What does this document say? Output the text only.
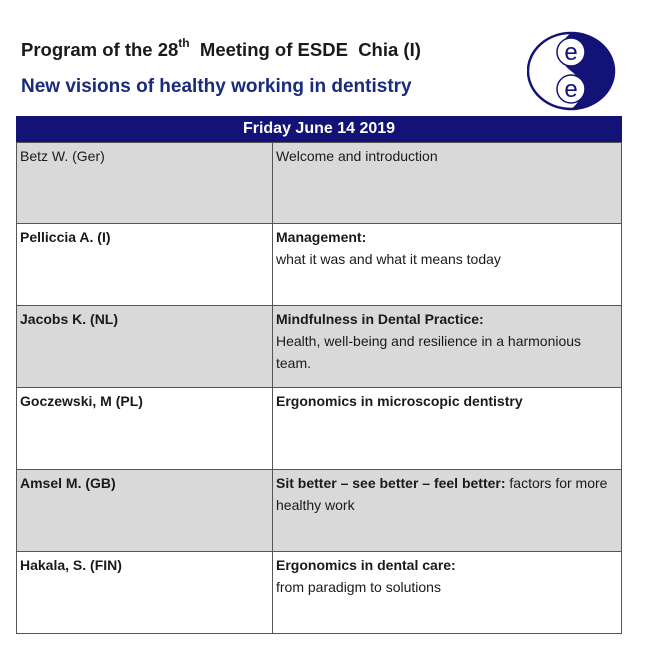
Program of the 28th  Meeting of ESDE  Chia (I)
New visions of healthy working in dentistry
e
e
Friday June 14 2019
Betz W. (Ger)	Welcome and introduction
Pelliccia A. (I)	Management:
what it was and what it means today
Jacobs K. (NL)	Mindfulness in Dental Practice:
Health, well-being and resilience in a harmonious team.
Goczewski, M (PL)	Ergonomics in microscopic dentistry
Amsel M. (GB)	Sit better – see better – feel better: factors for more healthy work
Hakala, S. (FIN)	Ergonomics in dental care:
from paradigm to solutions
